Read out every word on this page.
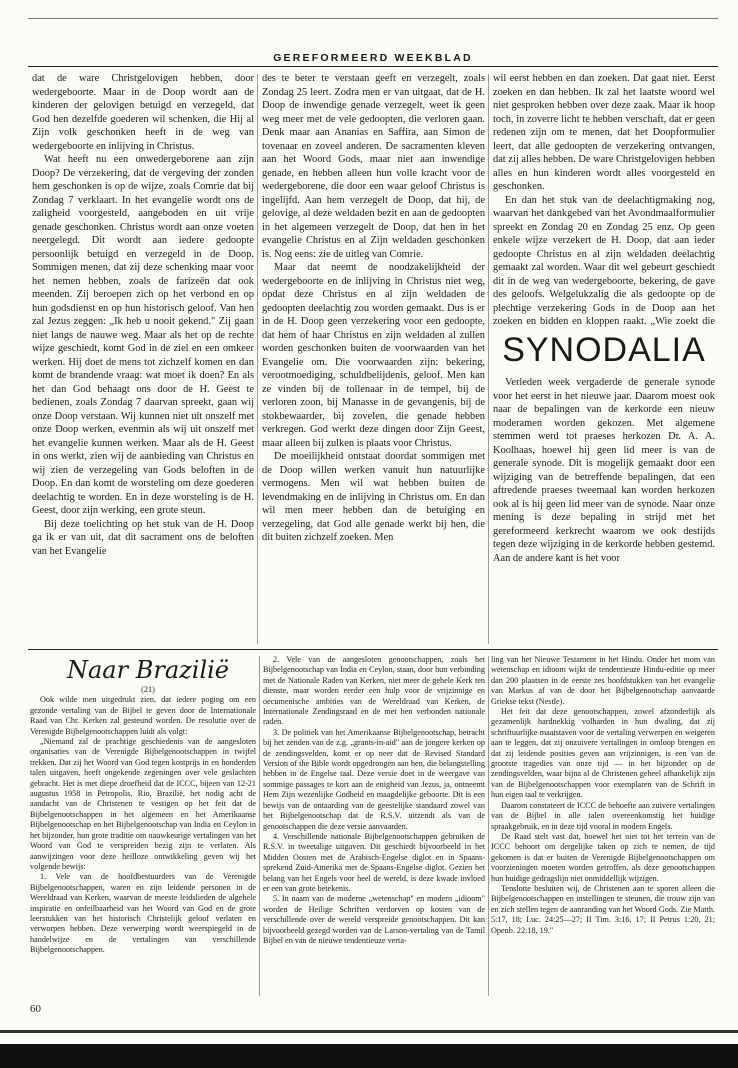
GEREFORMEERD WEEKBLAD

dat de ware Christgelovigen hebben, door wedergeboorte. Maar in de Doop wordt aan de kinderen der gelovigen betuigd en verzegeld, dat God hen dezelfde goederen wil schenken, die Hij al Zijn volk geschonken heeft in de weg van wedergeboorte en inlijving in Christus.

Wat heeft nu een onwedergeborene aan zijn Doop? De verzekering, dat de vergeving der zonden hem geschonken is op de wijze, zoals Comrie dat bij Zondag 7 verklaart. In het evangelie wordt ons de zaligheid voorgesteld, aangeboden en uit vrije genade geschonken. Christus wordt aan onze voeten neergelegd. Dit wordt aan iedere gedoopte persoonlijk betuigd en verzegeld in de Doop. Sommigen menen, dat zij deze schenking maar voor het nemen hebben, zoals de farizeën dat ook meenden. Zij beroepen zich op het verbond en op hun godsdienst en op hun historisch geloof. Van hen zal Jezus zeggen: „Ik heb u nooit gekend." Zij gaan niet langs de nauwe weg. Maar als het op de rechte wijze geschiedt, komt God in de ziel en een omkeer werken. Hij doet de mens tot zichzelf komen en dan komt de brandende vraag: wat moet ik doen? En als het dan God behaagt ons door de H. Geest te bedienen, zoals Zondag 7 daarvan spreekt, gaan wij onze Doop verstaan. Wij kunnen niet uit onszelf met onze Doop werken, evenmin als wij uit onszelf met het evangelie kunnen werken. Maar als de H. Geest in ons werkt, zien wij de aanbieding van Christus en wij zien de verzegeling van Gods beloften in de Doop. En dan komt de worsteling om deze goederen deelachtig te worden. En in deze worsteling is de H. Geest, door zijn werking, een grote steun.

Bij deze toelichting op het stuk van de H. Doop ga ik er van uit, dat dit sacrament ons de beloften van het Evangelie

des te beter te verstaan geeft en verzegelt, zoals Zondag 25 leert. Zodra men er van uitgaat, dat de H. Doop de inwendige genade verzegelt, weet ik geen weg meer met de vele gedoopten, die verloren gaan. Denk maar aan Ananias en Saffira, aan Simon de tovenaar en zoveel anderen. De sacramenten kleven aan het Woord Gods, maar niet aan inwendige genade, en hebben alleen hun volle kracht voor de wedergeborene, die door een waar geloof Christus is ingelijfd. Aan hem verzegelt de Doop, dat hij, de gelovige, al deze weldaden bezit en aan de gedoopten in het algemeen verzegelt de Doop, dat hen in het evangelie Christus en al Zijn weldaden geschonken is. Nog eens: zie de uitleg van Comrie.

Maar dat neemt de noodzakelijkheid der wedergeboorte en de inlijving in Christus niet weg, opdat deze Christus en al zijn weldaden de gedoopten deelachtig zou worden gemaakt. Dus is er in de H. Doop geen verzekering voor een gedoopte, dat hem of haar Christus en zijn weldaden al zullen worden geschonken buiten de voorwaarden van het Evangelie om. Die voorwaarden zijn: bekering, verootmoediging, schuldbelijdenis, geloof. Men kan ze vinden bij de tollenaar in de tempel, bij de verloren zoon, bij Manasse in de gevangenis, bij de stokbewaarder, bij zovelen, die genade hebben verkregen. God werkt deze dingen door Zijn Geest, maar alleen bij zulken is plaats voor Christus.

De moeilijkheid ontstaat doordat sommigen met de Doop willen werken vanuit hun natuurlijke vermogens. Men wil wat hebben buiten de levendmaking en de inlijving in Christus om. En dan wil men meer hebben dan de betuiging en verzegeling, dat God alle genade werkt bij hen, die dit buiten zichzelf zoeken. Men

wil eerst hebben en dan zoeken. Dat gaat niet. Eerst zoeken en dan hebben. Ik zal het laatste woord wel niet gesproken hebben over deze zaak. Maar ik hoop toch, in zoverre licht te hebben verschaft, dat er geen redenen zijn om te menen, dat het Doopformulier leert, dat alle gedoopten de verzekering ontvangen, dat zij alles hebben. De ware Christgelovigen hebben alles en hun kinderen wordt alles voorgesteld en geschonken.

En dan het stuk van de deelachtigmaking nog, waarvan het dankgebed van het Avondmaalformulier spreekt en Zondag 20 en Zondag 25 enz. Op geen enkele wijze verzekert de H. Doop, dat aan ieder gedoopte Christus en al zijn weldaden deelachtig gemaakt zal worden. Waar dit wel gebeurt geschiedt dit in de weg van wedergeboorte, bekering, de gave des geloofs. Welgelukzalig die als gedoopte op de plechtige verzekering Gods in de Doop aan het zoeken en bidden en kloppen raakt. „Wie zoekt die

SYNODALIA

Verleden week vergaderde de generale synode voor het eerst in het nieuwe jaar. Daarom moest ook naar de bepalingen van de kerkorde een nieuw moderamen worden gekozen. Met algemene stemmen werd tot praeses herkozen Dr. A. A. Koolhaas, hoewel hij geen lid meer is van de generale synode. Dit is mogelijk gemaakt door een wijziging van de betreffende bepalingen, dat een aftredende praeses tweemaal kan worden herkozen ook al is hij geen lid meer van de synode. Naar onze mening is deze bepaling in strijd met het gereformeerd kerkrecht waarom we ook destijds tegen deze wijziging in de kerkorde hebben gestemd. Aan de andere kant is het voor

Naar Brazilië

(21)

Ook wilde men uitgedrukt zien, dat iedere poging om een gezonde vertaling van de Bijbel te geven door de Internationale Raad van Chr. Kerken zal gesteund worden. De resolutie over de Verenigde Bijbelgenootschappen luidt als volgt:

„Niemand zal de prachtige geschiedenis van de aangesloten organisaties van de Verenigde Bijbelgenootschappen in twijfel trekken. Dat zij het Woord van God tegen kostprijs in en honderden talen uitgaven, heeft ongekende zegeningen over vele geslachten gebracht. Het is met diepe droefheid dat de ICCC, bijeen van 12-21 augustus 1958 in Petropolis, Rio, Brazilië, het nodig acht de aandacht van de Christenen te vestigen op het feit dat de Bijbelgenootschappen in het algemeen en het Amerikaanse Bijbelgenootschap en het Bijbelgenootschap van India en Ceylon in het bijzonder, hun grote traditie om nauwkeurige vertalingen van het Woord van God te verspreiden bezig zijn te verlaten. Als aanwijzingen voor deze heilloze ontwikkeling geven wij het volgende bewijs:

1. Vele van de hoofdbestuurders van de Verenigde Bijbelgenootschappen, waren en zijn leidende personen in de Wereldraad van Kerken, waarvan de meeste leidslieden de algehele inspiratie en onfeilbaarheid van het Woord van God en de grote leerstukken van het historisch Christelijk geloof verlaten en verworpen hebben. Deze verwerping wordt weerspiegeld in de handelwijze en de vertalingen van verschillende Bijbelgenootschappen.

2. Vele van de aangesloten genootschappen, zoals het Bijbelgenootschap van India en Ceylon, staan, door hun verbinding met de Nationale Raden van Kerken, niet meer de gehele Kerk ten dienste, maar worden eerder een hulp voor de vrijzinnige en oecumenische ambities van de Wereldraad van Kerken, de Internationale Zendingsraad en de met hen verbonden nationale raden.

3. De politiek van het Amerikaanse Bijbelgenootschap, betracht bij het zenden van de z.g. „grants-in-aid" aan de jongere kerken op de zendingsvelden, komt er op neer dat de Revised Standard Version of the Bible wordt opgedrongen aan hen, die belangstelling hebben in de Engelse taal. Deze versie doet in de weergave van sommige passages te kort aan de enigheid van Jezus, ja, ontneemt Hem Zijn wezenlijke Godheid en maagdelijke geboorte. Dit is een bewijs van de ontaarding van de geestelijke standaard zowel van het Bijbelgenootschap dat de R.S.V. uitzendt als van de genootschappen die deze versie aanvaarden.

4. Verschillende nationale Bijbelgenootschappen gebruiken de R.S.V. in tweetalige uitgaven. Dit geschiedt bijvoorbeeld in het Midden Oosten met de Arabisch-Engelse diglot en in Spaans-sprekend Zuid-Amerika met de Spaans-Engelse diglot. Gezien het belang van het Engels voor heel de wereld, is deze kwade invloed er een van grote betekenis.

5. In naam van de moderne „wetenschap" en modern „idioom" worden de Heilige Schriften verdorven op kosten van de verschillende over de wereld verspreide genootschappen. Dit kan bijvoorbeeld gezegd worden van de Larson-vertaling van de Tamil Bijbel en van de nieuwe tendentieuze verta-

ling van het Nieuwe Testament in het Hindu. Onder het mom van wetenschap en idioom wijkt de tendentieuze Hindu-editie op meer dan 200 plaatsen in de eerste zes hoofdstukken van het evangelie van Markus af van de door het Bijbelgenootschap aanvaarde Griekse tekst (Nestle).

Het feit dat deze genootschappen, zowel afzonderlijk als gezamenlijk hardnekkig volharden in hun dwaling, dat zij schriftuurlijke maatstaven voor de vertaling verwerpen en weigeren aan te leggen, dat zij onzuivere vertalingen in omloop brengen en dat zij leidende posities geven aan vrijzinnigen, is een van de grootste tragedies van onze tijd — in het bijzonder op de zendingsvelden, waar bijna al de Christenen geheel afhankelijk zijn van de Bijbelgenootschappen voor exemplaren van de Schrift in hun eigen taal te verkrijgen.

Daarom constateert de ICCC de behoefte aan zuivere vertalingen van de Bijbel in alle talen overeenkomstig het huidige spraakgebruik, en in deze tijd vooral in modern Engels.

De Raad stelt vast dat, hoewel het niet tot het terrein van de ICCC behoort om dergelijke taken op zich te nemen, de tijd gekomen is dat er buiten de Verenigde Bijbelgenootschappen om voorzieningen moeten worden getroffen, als deze genootschappen hun huidige gedragslijn niet onmiddellijk wijzigen.

Tenslotte besluiten wij, de Christenen aan te sporen alleen die Bijbelgenootschappen en instellingen te steunen, die trouw zijn van en zich stellen tegen de aanranding van het Woord Gods. Zie Matth. 5:17, 18; Luc. 24:25—27; II Tim. 3:16, 17; II Petrus 1:20, 21; Openb. 22:18, 19."

60
